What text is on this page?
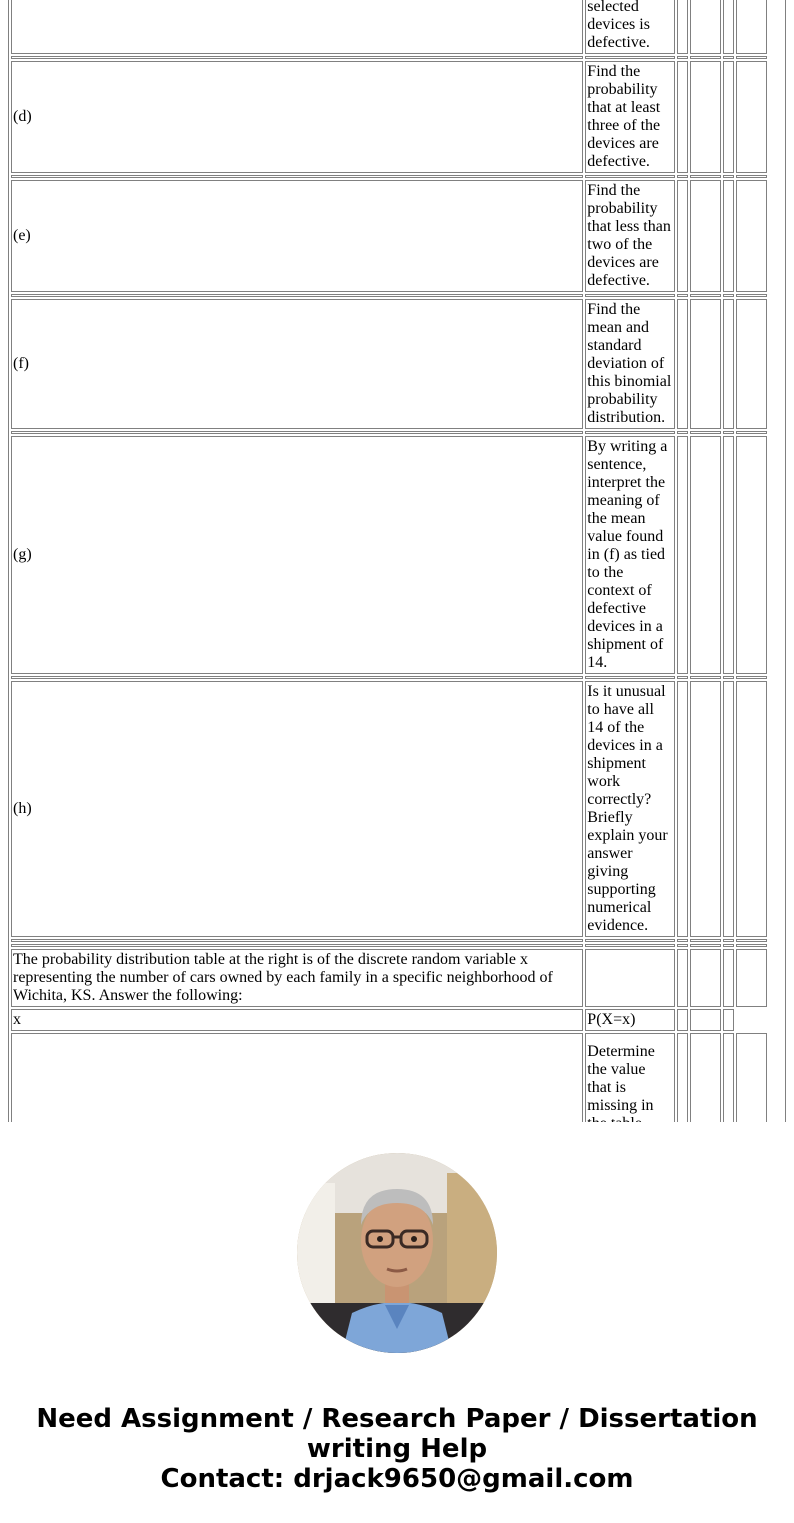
	selected devices is defective.					

(d)	Find the probability that at least three of the devices are defective.					

(e)	Find the probability that less than two of the devices are defective.					

(f)	Find the mean and standard deviation of this binomial probability distribution.					

(g)	By writing a sentence, interpret the meaning of the mean value found in (f) as tied to the context of defective devices in a shipment of 14.					

(h)	Is it unusual to have all 14 of the devices in a shipment work correctly? Briefly explain your answer giving supporting numerical evidence.					

The probability distribution table at the right is of the discrete random variable x representing the number of cars owned by each family in a specific neighborhood of Wichita, KS. Answer the following:						
x	P(X=x)					
	Determine the value that is missing in					
Need Assignment / Research Paper / Dissertation
writing Help
Contact: drjack9650@gmail.com
